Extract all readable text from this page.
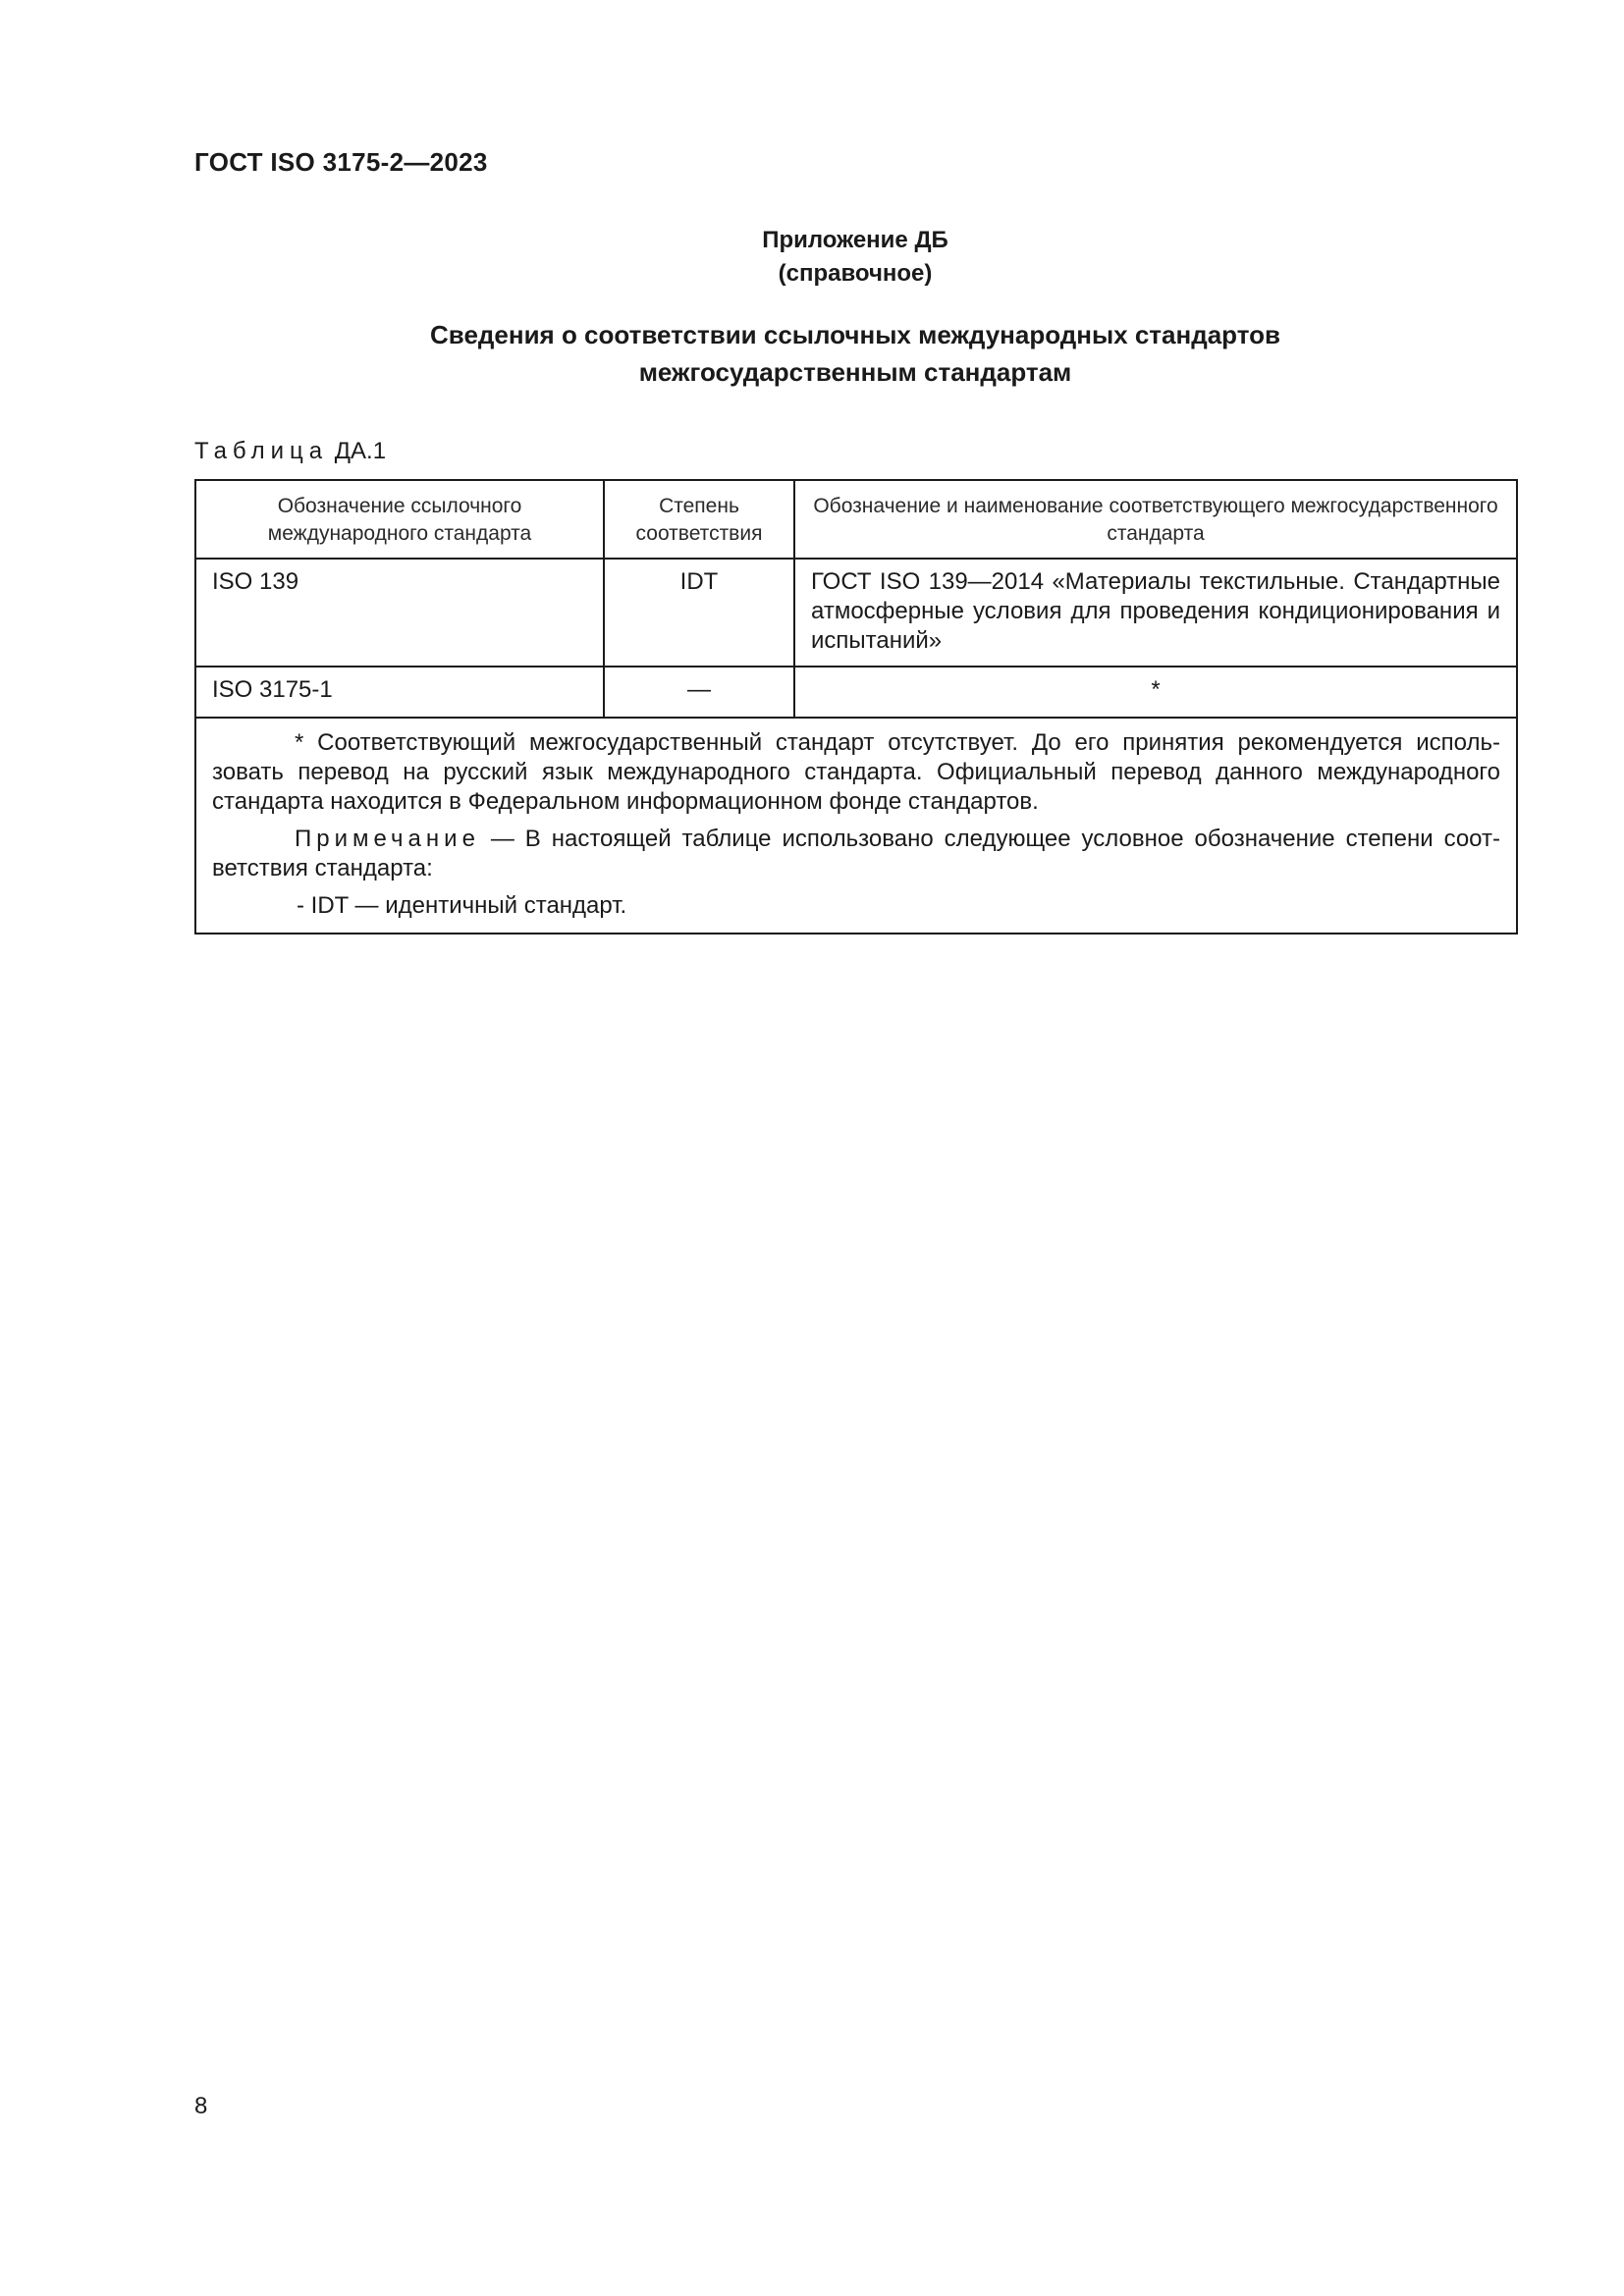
ГОСТ ISO 3175-2—2023
Приложение ДБ
(справочное)
Сведения о соответствии ссылочных международных стандартов
межгосударственным стандартам
Таблица ДА.1
Обозначение ссылочного международного стандарта	Степень соответствия	Обозначение и наименование соответствующего межгосударственного стандарта
ISO 139	IDT	ГОСТ ISO 139—2014 «Материалы текстильные. Стандартные атмосферные условия для проведения кондиционирования и испытаний»
ISO 3175-1	—	*

* Соответствующий межгосударственный стандарт отсутствует. До его принятия рекомендуется использовать перевод на русский язык международного стандарта. Официальный перевод данного международного стандарта находится в Федеральном информационном фонде стандартов.

Примечание — В настоящей таблице использовано следующее условное обозначение степени соответствия стандарта:

- IDT — идентичный стандарт.		
8
